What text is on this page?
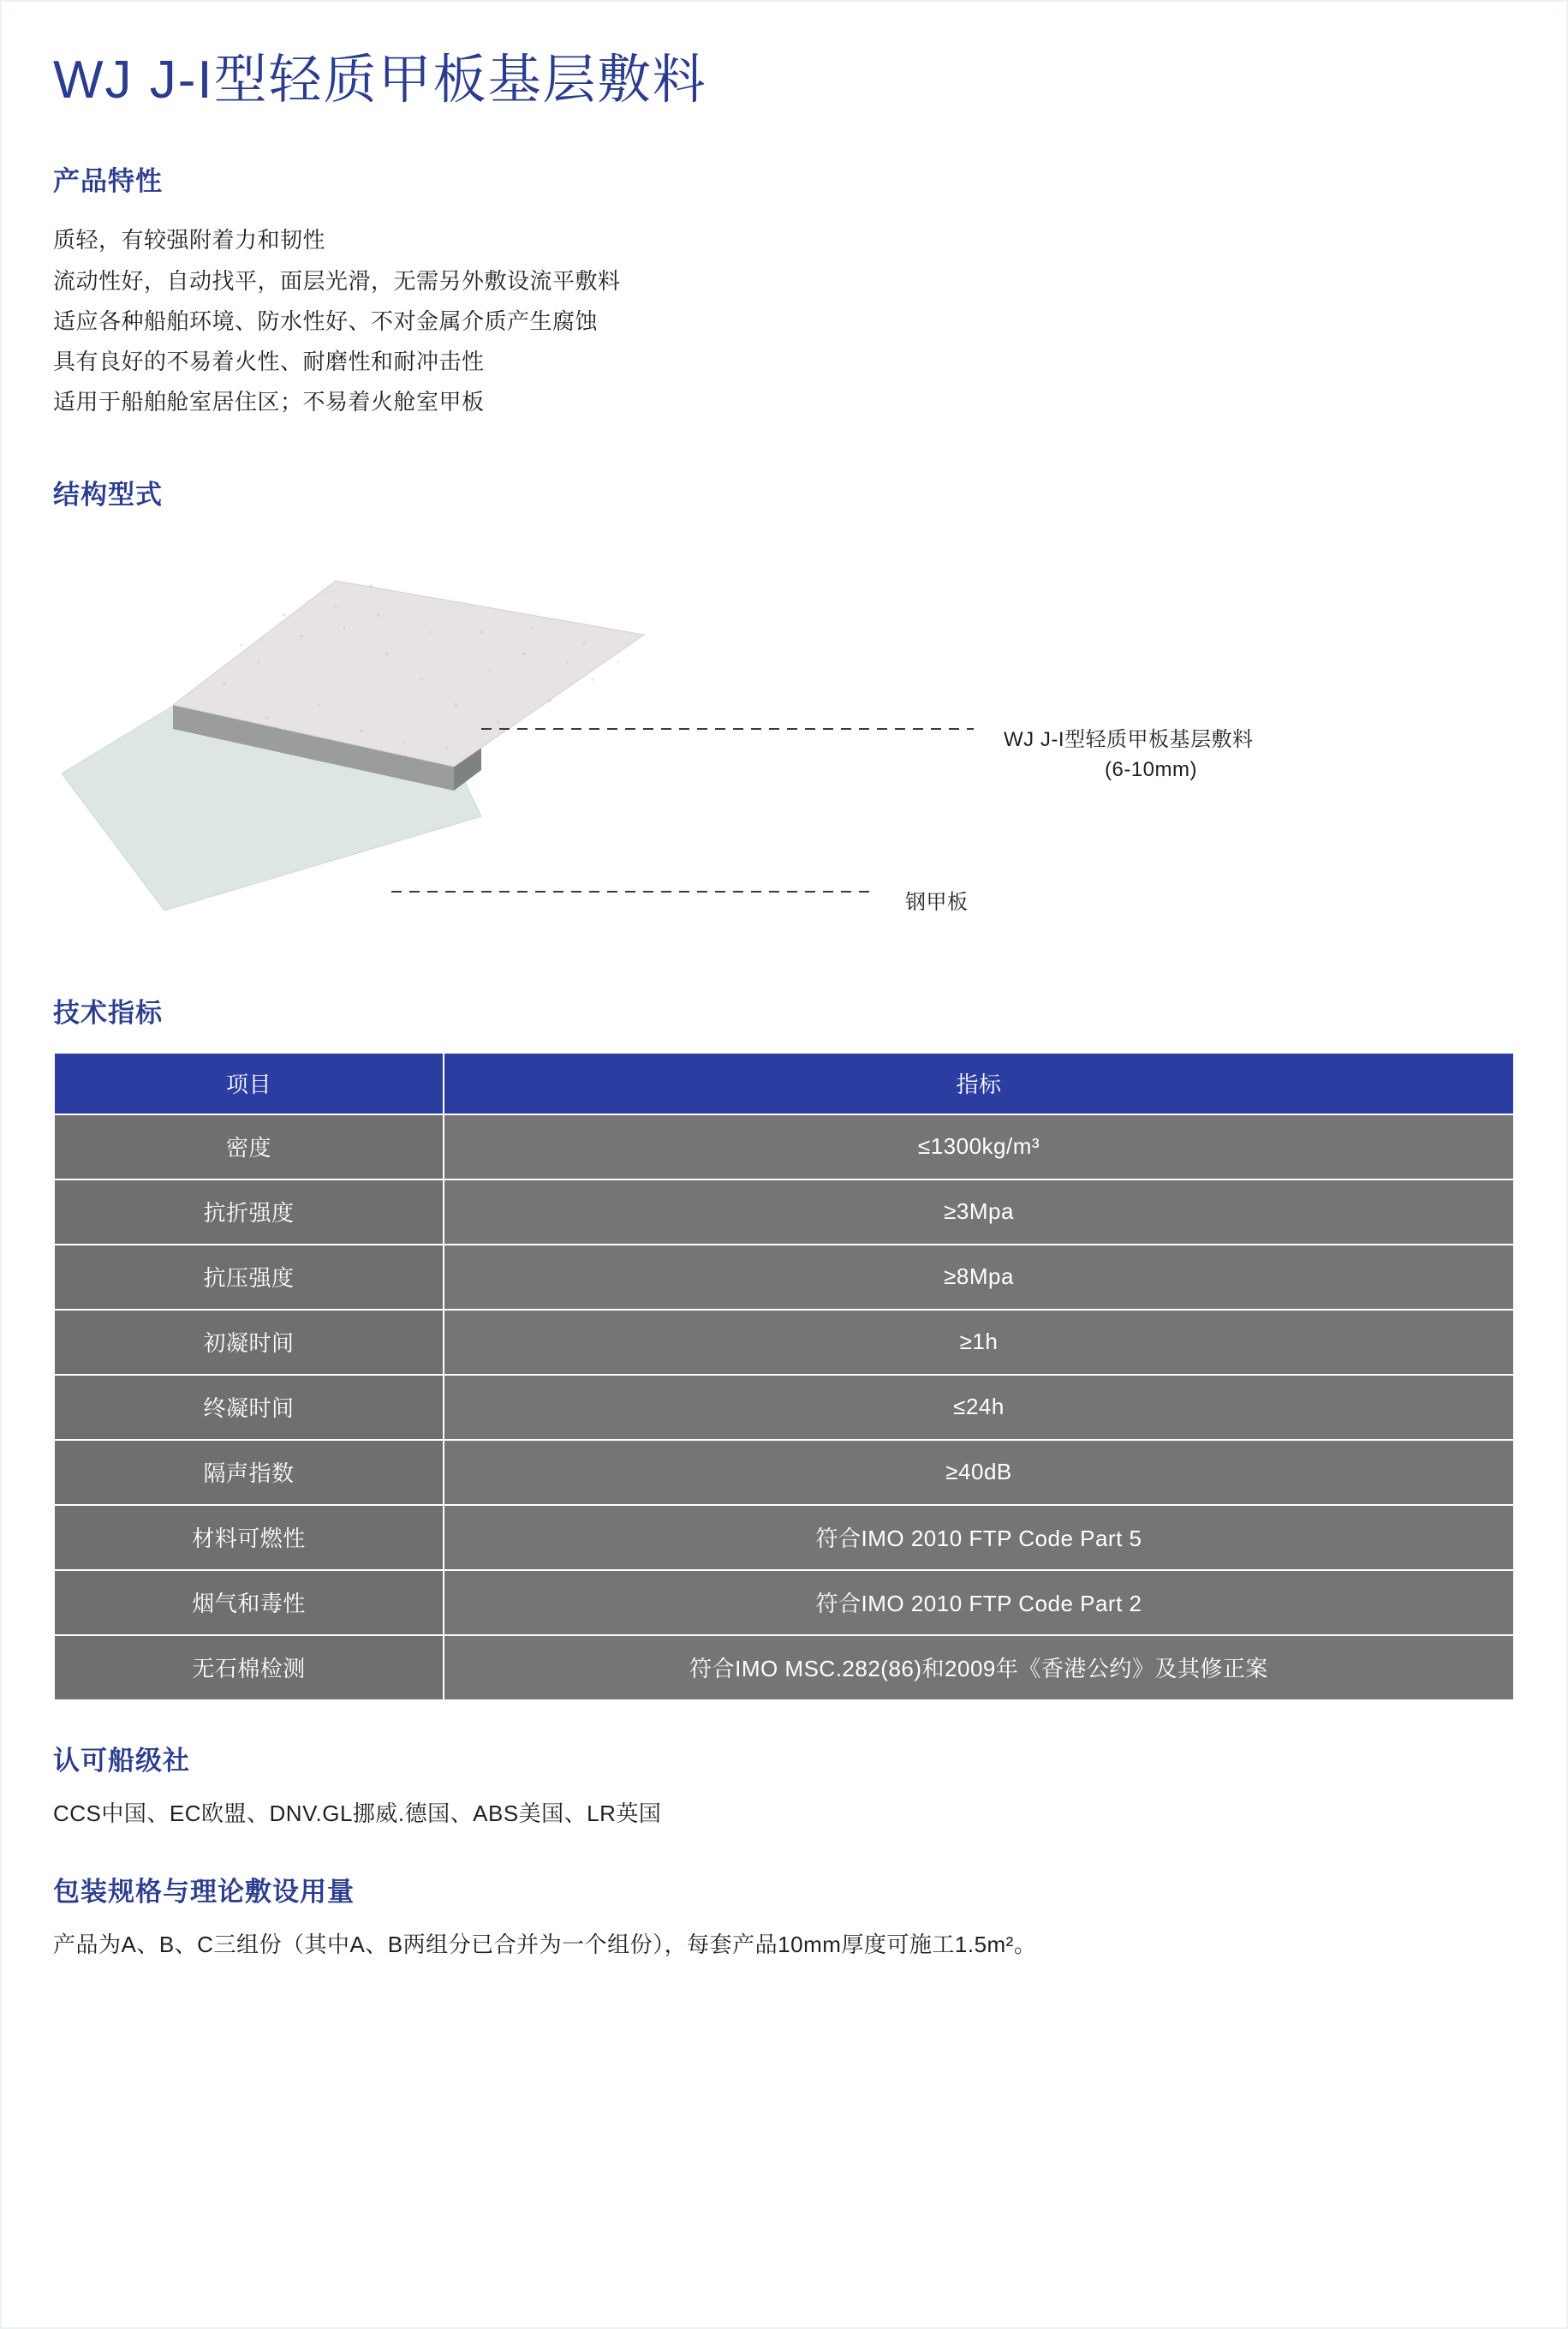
WJ J-I型轻质甲板基层敷料
产品特性
质轻，有较强附着力和韧性
流动性好，自动找平，面层光滑，无需另外敷设流平敷料
适应各种船舶环境、防水性好、不对金属介质产生腐蚀
具有良好的不易着火性、耐磨性和耐冲击性
适用于船舶舱室居住区；不易着火舱室甲板
结构型式
WJ J-I型轻质甲板基层敷料
(6-10mm)
钢甲板
技术指标
项目	指标
密度	≤1300kg/m³
抗折强度	≥3Mpa
抗压强度	≥8Mpa
初凝时间	≥1h
终凝时间	≤24h
隔声指数	≥40dB
材料可燃性	符合IMO 2010 FTP Code Part 5
烟气和毒性	符合IMO 2010 FTP Code Part 2
无石棉检测	符合IMO MSC.282(86)和2009年《香港公约》及其修正案
认可船级社
CCS中国、EC欧盟、DNV.GL挪威.德国、ABS美国、LR英国
包装规格与理论敷设用量
产品为A、B、C三组份（其中A、B两组分已合并为一个组份），每套产品10mm厚度可施工1.5m²。
